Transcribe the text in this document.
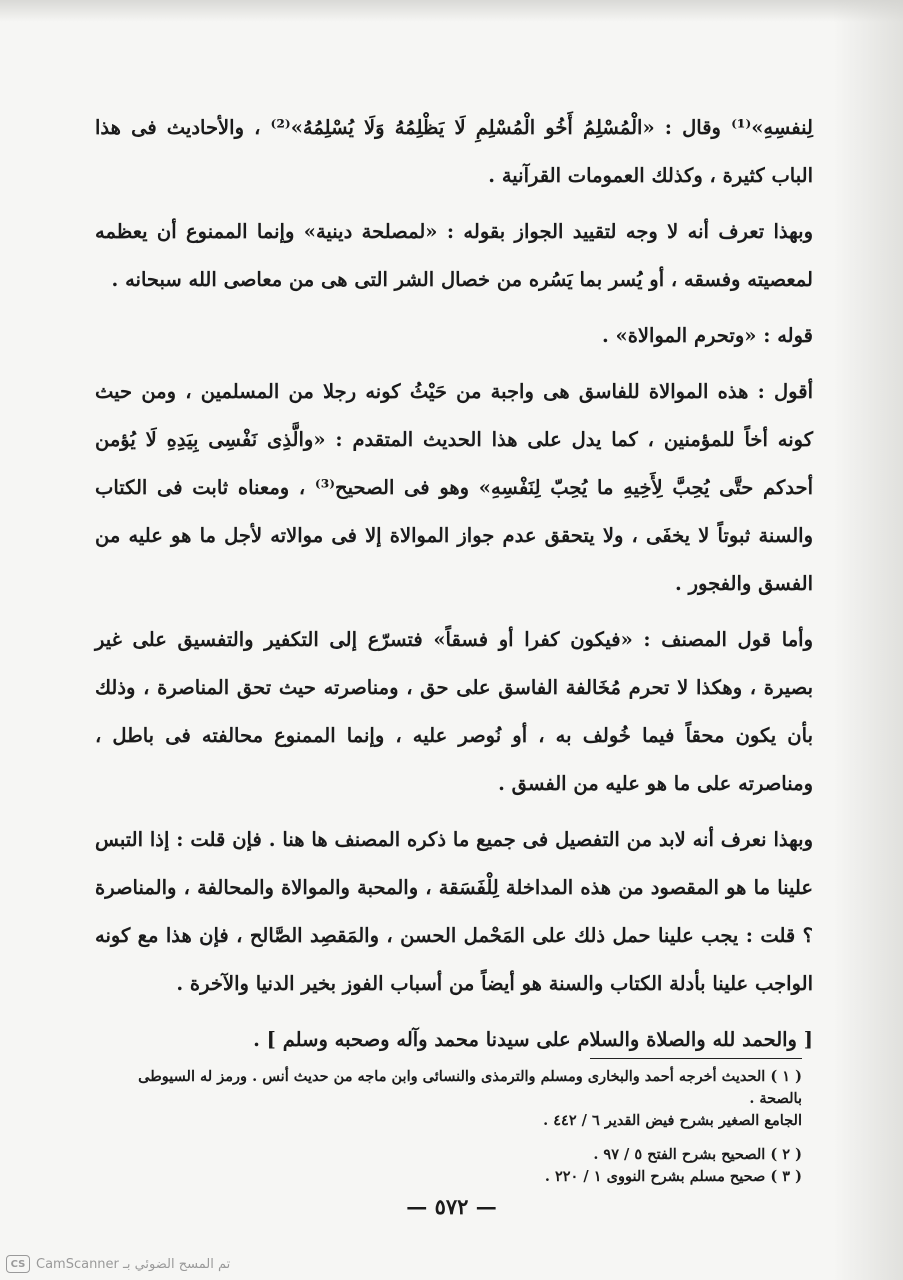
لِنفسِهِ»⁽¹⁾ وقال : «الْمُسْلِمُ أَخُو الْمُسْلِمِ لَا يَظْلِمُهُ وَلَا يُسْلِمُهُ»⁽²⁾ ، والأحاديث فى هذا الباب كثيرة ، وكذلك العمومات القرآنية .

وبهذا تعرف أنه لا وجه لتقييد الجواز بقوله : «لمصلحة دينية» وإنما الممنوع أن يعظمه لمعصيته وفسقه ، أو يُسر بما يَسُره من خصال الشر التى هى من معاصى الله سبحانه .

قوله : «وتحرم الموالاة» .

أقول : هذه الموالاة للفاسق هى واجبة من حَيْثُ كونه رجلا من المسلمين ، ومن حيث كونه أخاً للمؤمنين ، كما يدل على هذا الحديث المتقدم : «والَّذِى نَفْسِى بِيَدِهِ لَا يُؤمن أحدكم حتَّى يُحِبَّ لِأَخِيهِ ما يُحِبّ لِنَفْسِهِ» وهو فى الصحيح⁽³⁾ ، ومعناه ثابت فى الكتاب والسنة ثبوتاً لا يخفَى ، ولا يتحقق عدم جواز الموالاة إلا فى موالاته لأجل ما هو عليه من الفسق والفجور .

وأما قول المصنف : «فيكون كفرا أو فسقاً» فتسرّع إلى التكفير والتفسيق على غير بصيرة ، وهكذا لا تحرم مُخَالفة الفاسق على حق ، ومناصرته حيث تحق المناصرة ، وذلك بأن يكون محقاً فيما خُولف به ، أو نُوصر عليه ، وإنما الممنوع محالفته فى باطل ، ومناصرته على ما هو عليه من الفسق .

وبهذا نعرف أنه لابد من التفصيل فى جميع ما ذكره المصنف ها هنا . فإن قلت : إذا التبس علينا ما هو المقصود من هذه المداخلة لِلْفَسَقة ، والمحبة والموالاة والمحالفة ، والمناصرة ؟ قلت : يجب علينا حمل ذلك على المَحْمل الحسن ، والمَقصِد الصَّالح ، فإن هذا مع كونه الواجب علينا بأدلة الكتاب والسنة هو أيضاً من أسباب الفوز بخير الدنيا والآخرة .

[ والحمد لله والصلاة والسلام على سيدنا محمد وآله وصحبه وسلم ] .

( ١ ) الحديث أخرجه أحمد والبخارى ومسلم والترمذى والنسائى وابن ماجه من حديث أنس . ورمز له السيوطى بالصحة .

الجامع الصغير بشرح فيض القدير ٦ / ٤٤٢ .

( ٢ ) الصحيح بشرح الفتح ٥ / ٩٧ .

( ٣ ) صحيح مسلم بشرح النووى ١ / ٢٢٠ .

— ٥٧٢ —
CS CamScanner تم المسح الضوئي بـ
